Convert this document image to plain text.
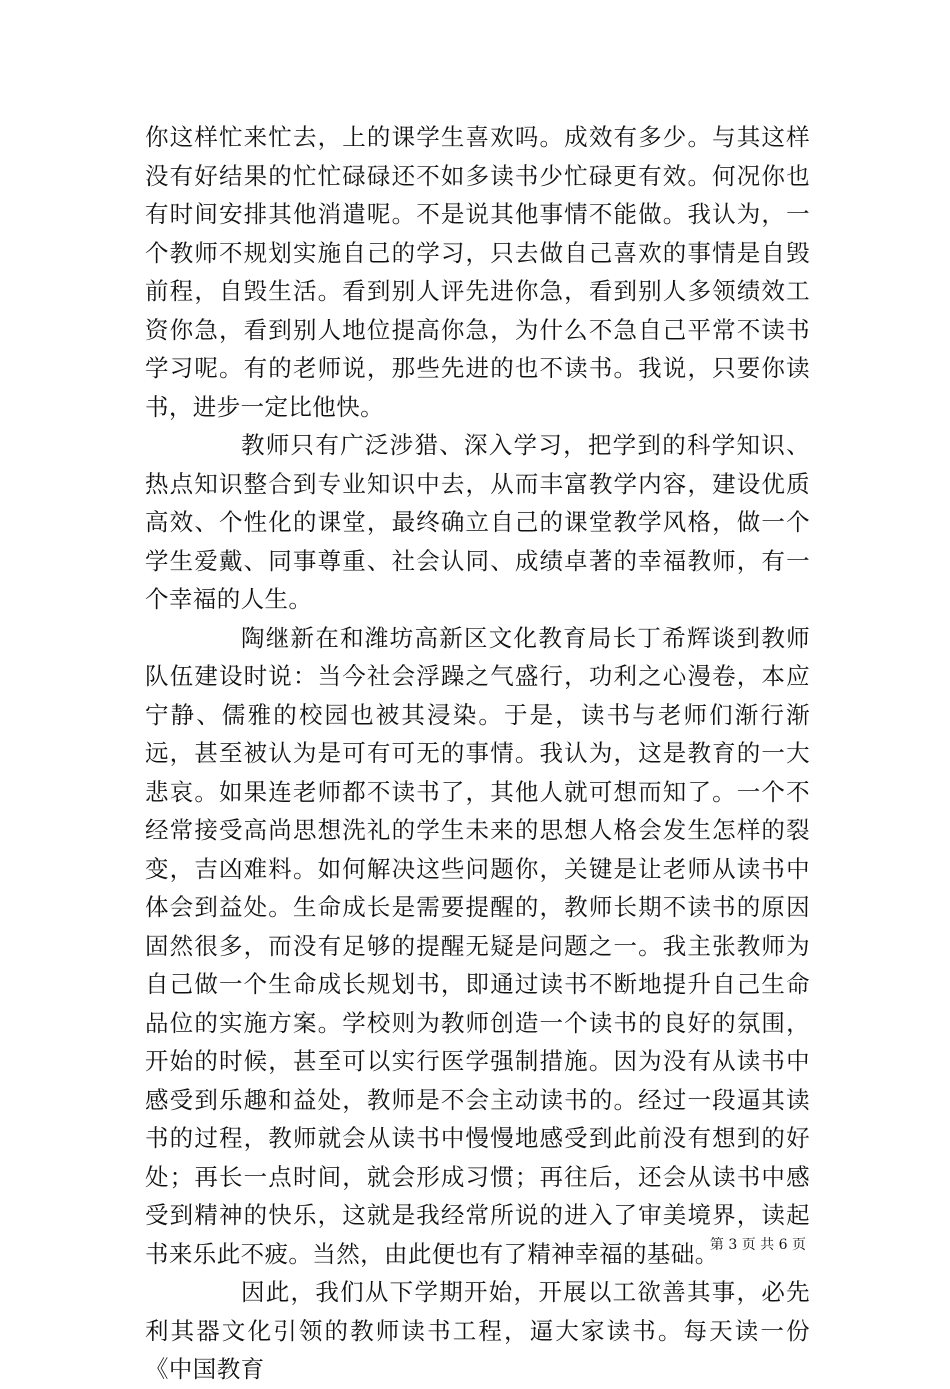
你这样忙来忙去，上的课学生喜欢吗。成效有多少。与其这样没有好结果的忙忙碌碌还不如多读书少忙碌更有效。何况你也有时间安排其他消遣呢。不是说其他事情不能做。我认为，一个教师不规划实施自己的学习，只去做自己喜欢的事情是自毁前程，自毁生活。看到别人评先进你急，看到别人多领绩效工资你急，看到别人地位提高你急，为什么不急自己平常不读书学习呢。有的老师说，那些先进的也不读书。我说，只要你读书，进步一定比他快。

教师只有广泛涉猎、深入学习，把学到的科学知识、热点知识整合到专业知识中去，从而丰富教学内容，建设优质高效、个性化的课堂，最终确立自己的课堂教学风格，做一个学生爱戴、同事尊重、社会认同、成绩卓著的幸福教师，有一个幸福的人生。

陶继新在和潍坊高新区文化教育局长丁希辉谈到教师队伍建设时说：当今社会浮躁之气盛行，功利之心漫卷，本应宁静、儒雅的校园也被其浸染。于是，读书与老师们渐行渐远，甚至被认为是可有可无的事情。我认为，这是教育的一大悲哀。如果连老师都不读书了，其他人就可想而知了。一个不经常接受高尚思想洗礼的学生未来的思想人格会发生怎样的裂变，吉凶难料。如何解决这些问题你，关键是让老师从读书中体会到益处。生命成长是需要提醒的，教师长期不读书的原因固然很多，而没有足够的提醒无疑是问题之一。我主张教师为自己做一个生命成长规划书，即通过读书不断地提升自己生命品位的实施方案。学校则为教师创造一个读书的良好的氛围，开始的时候，甚至可以实行医学强制措施。因为没有从读书中感受到乐趣和益处，教师是不会主动读书的。经过一段逼其读书的过程，教师就会从读书中慢慢地感受到此前没有想到的好处；再长一点时间，就会形成习惯；再往后，还会从读书中感受到精神的快乐，这就是我经常所说的进入了审美境界，读起书来乐此不疲。当然，由此便也有了精神幸福的基础。

因此，我们从下学期开始，开展以工欲善其事，必先利其器文化引领的教师读书工程，逼大家读书。每天读一份《中国教育

第 3 页 共 6 页
